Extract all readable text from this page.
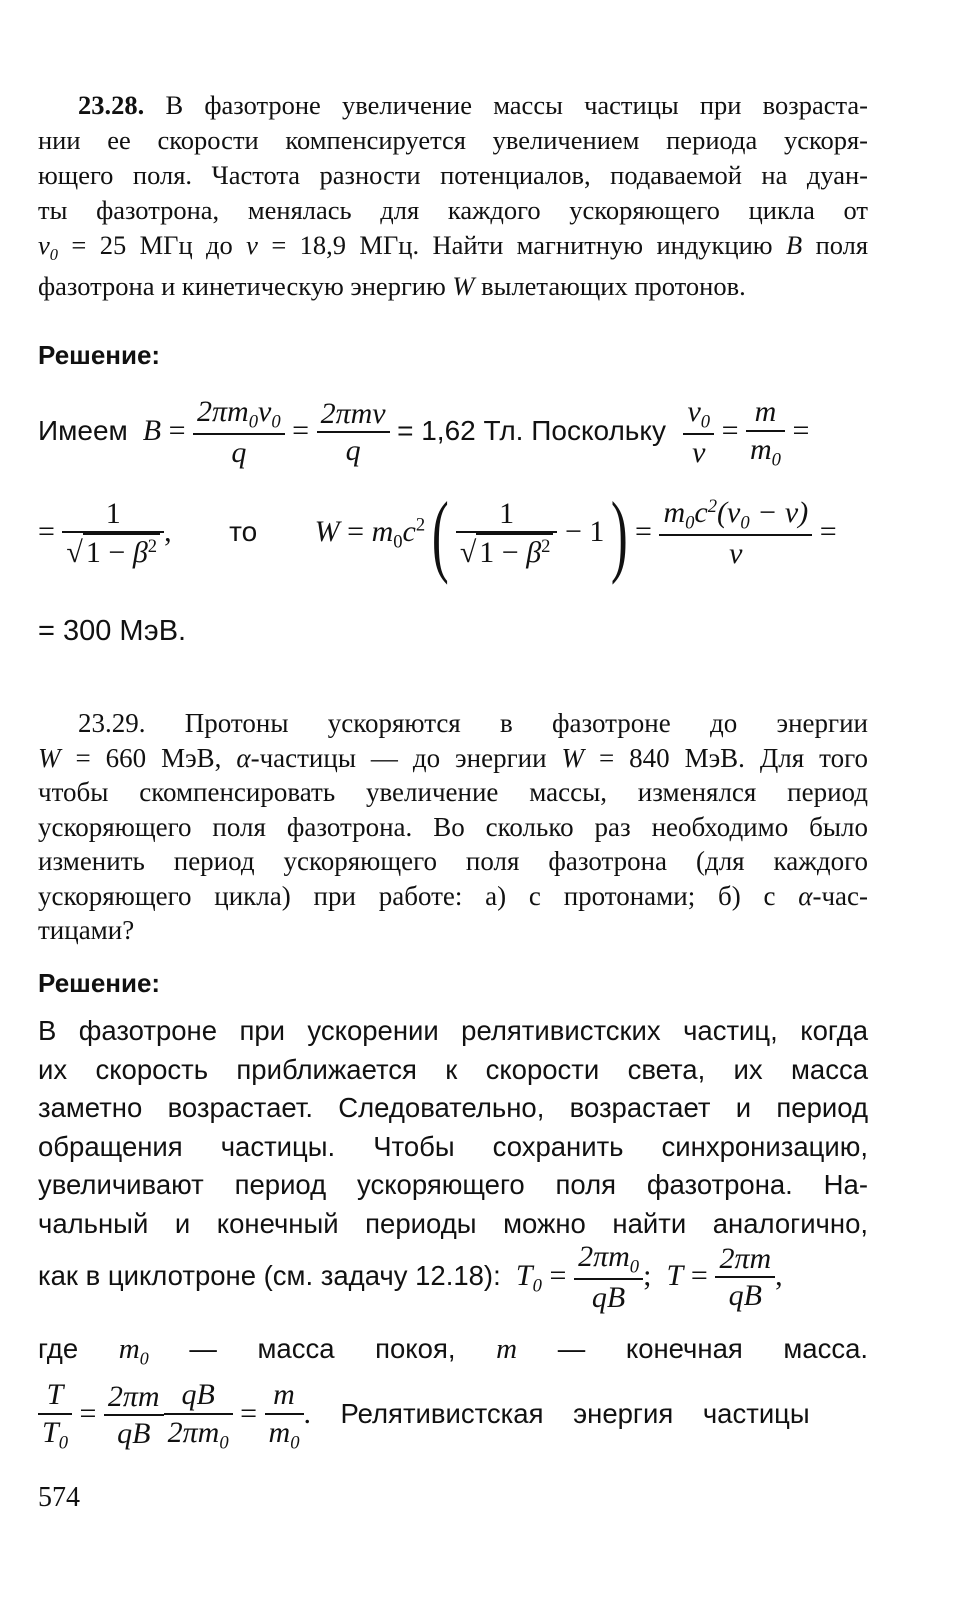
23.28. В фазотроне увеличение массы частицы при возраста-
нии ее скорости компенсируется увеличением периода ускоря-
ющего поля. Частота разности потенциалов, подаваемой на дуан-
ты фазотрона, менялась для каждого ускоряющего цикла от
$\nu_0 = 25$ МГц до ν = 18,9 МГц. Найти магнитную индукцию B поля
фазотрона и кинетическую энергию W вылетающих протонов.
Решение:
Имеем  $B = \frac{2\pi m_0\nu_0}{q} = \frac{\text{2πmν}}{q} = 1,62$ Тл. Поскольку $\frac{\nu_0}{\nu} = \frac{m}{m_0}$ =
= $\frac{1}{√ 1 - \beta^2}$ , то $W = m_0c^2( \frac{1}{√ 1 - \beta^2} - 1) = \frac{m_0c^2(\nu_0 - \nu)}{\nu}$ =
= 300 МэВ.
23.29. Протоны ускоряются в фазотроне до энергии
W = 660 МэВ, α-частицы — до энергии W = 840 МэВ. Для того
чтобы скомпенсировать увеличение массы, изменялся период
ускоряющего поля фазотрона. Во сколько раз необходимо было
изменить период ускоряющего поля фазотрона (для каждого
ускоряющего цикла) при работе: а) с протонами; б) с α-час-
тицами?
Решение:
В фазотроне при ускорении релятивистских частиц, когда
их скорость приближается к скорости света, их масса
заметно возрастает. Следовательно, возрастает и период
обращения частицы. Чтобы сохранить синхронизацию,
увеличивают период ускоряющего поля фазотрона. На-
чальный и конечный периоды можно найти аналогично,
как в циклотроне (см. задачу 12.18):  $T_0 = \frac{2\pi m_0}{qB}$ ;  $T = \frac{2\pi m}{qB}$ ,
где $m_0$ — масса покоя, m — конечная масса.
$\frac{T}{T_0} = \frac{2\pi m}{qB} \frac{qB}{2\pi m_0} = \frac{m}{m_0}$ . Релятивистская энергия частицы
574
